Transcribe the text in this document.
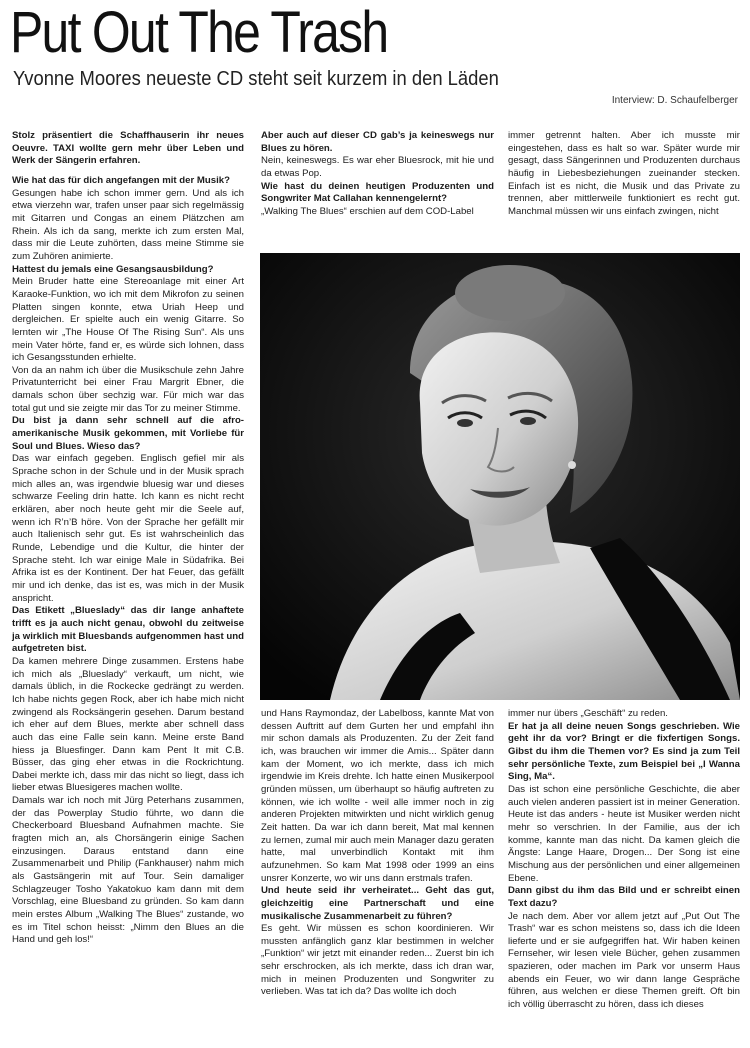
Put Out The Trash
Yvonne Moores neueste CD steht seit kurzem in den Läden
Interview: D. Schaufelberger

Stolz präsentiert die Schaffhauserin ihr neues Oeuvre. TAXI wollte gern mehr über Leben und Werk der Sängerin erfahren.

Wie hat das für dich angefangen mit der Musik?

Gesungen habe ich schon immer gern. Und als ich etwa vierzehn war, trafen unser paar sich regelmässig mit Gitarren und Congas an einem Plätzchen am Rhein. Als ich da sang, merkte ich zum ersten Mal, dass mir die Leute zuhörten, dass meine Stimme sie zum Zuhören animierte.

Hattest du jemals eine Gesangsausbildung?

Mein Bruder hatte eine Stereoanlage mit einer Art Karaoke-Funktion, wo ich mit dem Mikrofon zu seinen Platten singen konnte, etwa Uriah Heep und dergleichen. Er spielte auch ein wenig Gitarre. So lernten wir „The House Of The Rising Sun“. Als uns mein Vater hörte, fand er, es würde sich lohnen, dass ich Gesangsstunden erhielte.

Von da an nahm ich über die Musikschule zehn Jahre Privatunterricht bei einer Frau Margrit Ebner, die damals schon über sechzig war. Für mich war das total gut und sie zeigte mir das Tor zu meiner Stimme.

Du bist ja dann sehr schnell auf die afro-amerikanische Musik gekommen, mit Vorliebe für Soul und Blues. Wieso das?

Das war einfach gegeben. Englisch gefiel mir als Sprache schon in der Schule und in der Musik sprach mich alles an, was irgendwie bluesig war und dieses schwarze Feeling drin hatte. Ich kann es nicht recht erklären, aber noch heute geht mir die Seele auf, wenn ich R’n’B höre. Von der Sprache her gefällt mir auch Italienisch sehr gut. Es ist wahrscheinlich das Runde, Lebendige und die Kultur, die hinter der Sprache steht. Ich war einige Male in Südafrika. Bei Afrika ist es der Kontinent. Der hat Feuer, das gefällt mir und ich denke, das ist es, was mich in der Musik anspricht.

Das Etikett „Blueslady“ das dir lange anhaftete trifft es ja auch nicht genau, obwohl du zeitweise ja wirklich mit Bluesbands aufgenommen hast und aufgetreten bist.

Da kamen mehrere Dinge zusammen. Erstens habe ich mich als „Blueslady“ verkauft, um nicht, wie damals üblich, in die Rockecke gedrängt zu werden. Ich habe nichts gegen Rock, aber ich habe mich nicht zwingend als Rocksängerin gesehen. Darum bestand ich eher auf dem Blues, merkte aber schnell dass auch das eine Falle sein kann. Meine erste Band hiess ja Bluesfinger. Dann kam Pent It mit C.B. Büsser, das ging eher etwas in die Rockrichtung. Dabei merkte ich, dass mir das nicht so liegt, dass ich lieber etwas Bluesigeres machen wollte.

Damals war ich noch mit Jürg Peterhans zusammen, der das Powerplay Studio führte, wo dann die Checkerboard Bluesband Aufnahmen machte. Sie fragten mich an, als Chorsängerin einige Sachen einzusingen. Daraus entstand dann eine Zusammenarbeit und Philip (Fankhauser) nahm mich als Gastsängerin mit auf Tour. Sein damaliger Schlagzeuger Tosho Yakatokuo kam dann mit dem Vorschlag, eine Bluesband zu gründen. So kam dann mein erstes Album „Walking The Blues“ zustande, wo es im Titel schon heisst: „Nimm den Blues an die Hand und geh los!“

Aber auch auf dieser CD gab’s ja keineswegs nur Blues zu hören.

Nein, keineswegs. Es war eher Bluesrock, mit hie und da etwas Pop.

Wie hast du deinen heutigen Produzenten und Songwriter Mat Callahan kennengelernt?

„Walking The Blues“ erschien auf dem COD-Label

immer getrennt halten. Aber ich musste mir eingestehen, dass es halt so war. Später wurde mir gesagt, dass Sängerinnen und Produzenten durchaus häufig in Liebesbeziehungen zueinander stecken. Einfach ist es nicht, die Musik und das Private zu trennen, aber mittlerweile funktioniert es recht gut. Manchmal müssen wir uns einfach zwingen, nicht

und Hans Raymondaz, der Labelboss, kannte Mat von dessen Auftritt auf dem Gurten her und empfahl ihn mir schon damals als Produzenten. Zu der Zeit fand ich, was brauchen wir immer die Amis... Später dann kam der Moment, wo ich merkte, dass ich mich irgendwie im Kreis drehte. Ich hatte einen Musikerpool gründen müssen, um überhaupt so häufig auftreten zu können, wie ich wollte - weil alle immer noch in zig anderen Projekten mitwirkten und nicht wirklich genug Zeit hatten. Da war ich dann bereit, Mat mal kennen zu lernen, zumal mir auch mein Manager dazu geraten hatte, mal unverbindlich Kontakt mit ihm aufzunehmen. So kam Mat 1998 oder 1999 an eins unsrer Konzerte, wo wir uns dann erstmals trafen.

Und heute seid ihr verheiratet... Geht das gut, gleichzeitig eine Partnerschaft und eine musikalische Zusammenarbeit zu führen?

Es geht. Wir müssen es schon koordinieren. Wir mussten anfänglich ganz klar bestimmen in welcher „Funktion“ wir jetzt mit einander reden... Zuerst bin ich sehr erschrocken, als ich merkte, dass ich dran war, mich in meinen Produzenten und Songwriter zu verlieben. Was tat ich da? Das wollte ich doch

immer nur übers „Geschäft“ zu reden.

Er hat ja all deine neuen Songs geschrieben. Wie geht ihr da vor? Bringt er die fixfertigen Songs. Gibst du ihm die Themen vor? Es sind ja zum Teil sehr persönliche Texte, zum Beispiel bei „I Wanna Sing, Ma“.

Das ist schon eine persönliche Geschichte, die aber auch vielen anderen passiert ist in meiner Generation. Heute ist das anders - heute ist Musiker werden nicht mehr so verschrien. In der Familie, aus der ich komme, kannte man das nicht. Da kamen gleich die Ängste: Lange Haare, Drogen... Der Song ist eine Mischung aus der persönlichen und einer allgemeinen Ebene.

Dann gibst du ihm das Bild und er schreibt einen Text dazu?

Je nach dem. Aber vor allem jetzt auf „Put Out The Trash“ war es schon meistens so, dass ich die Ideen lieferte und er sie aufgegriffen hat. Wir haben keinen Fernseher, wir lesen viele Bücher, gehen zusammen spazieren, oder machen im Park vor unserm Haus abends ein Feuer, wo wir dann lange Gespräche führen, aus welchen er diese Themen greift. Oft bin ich völlig überrascht zu hören, dass ich dieses
